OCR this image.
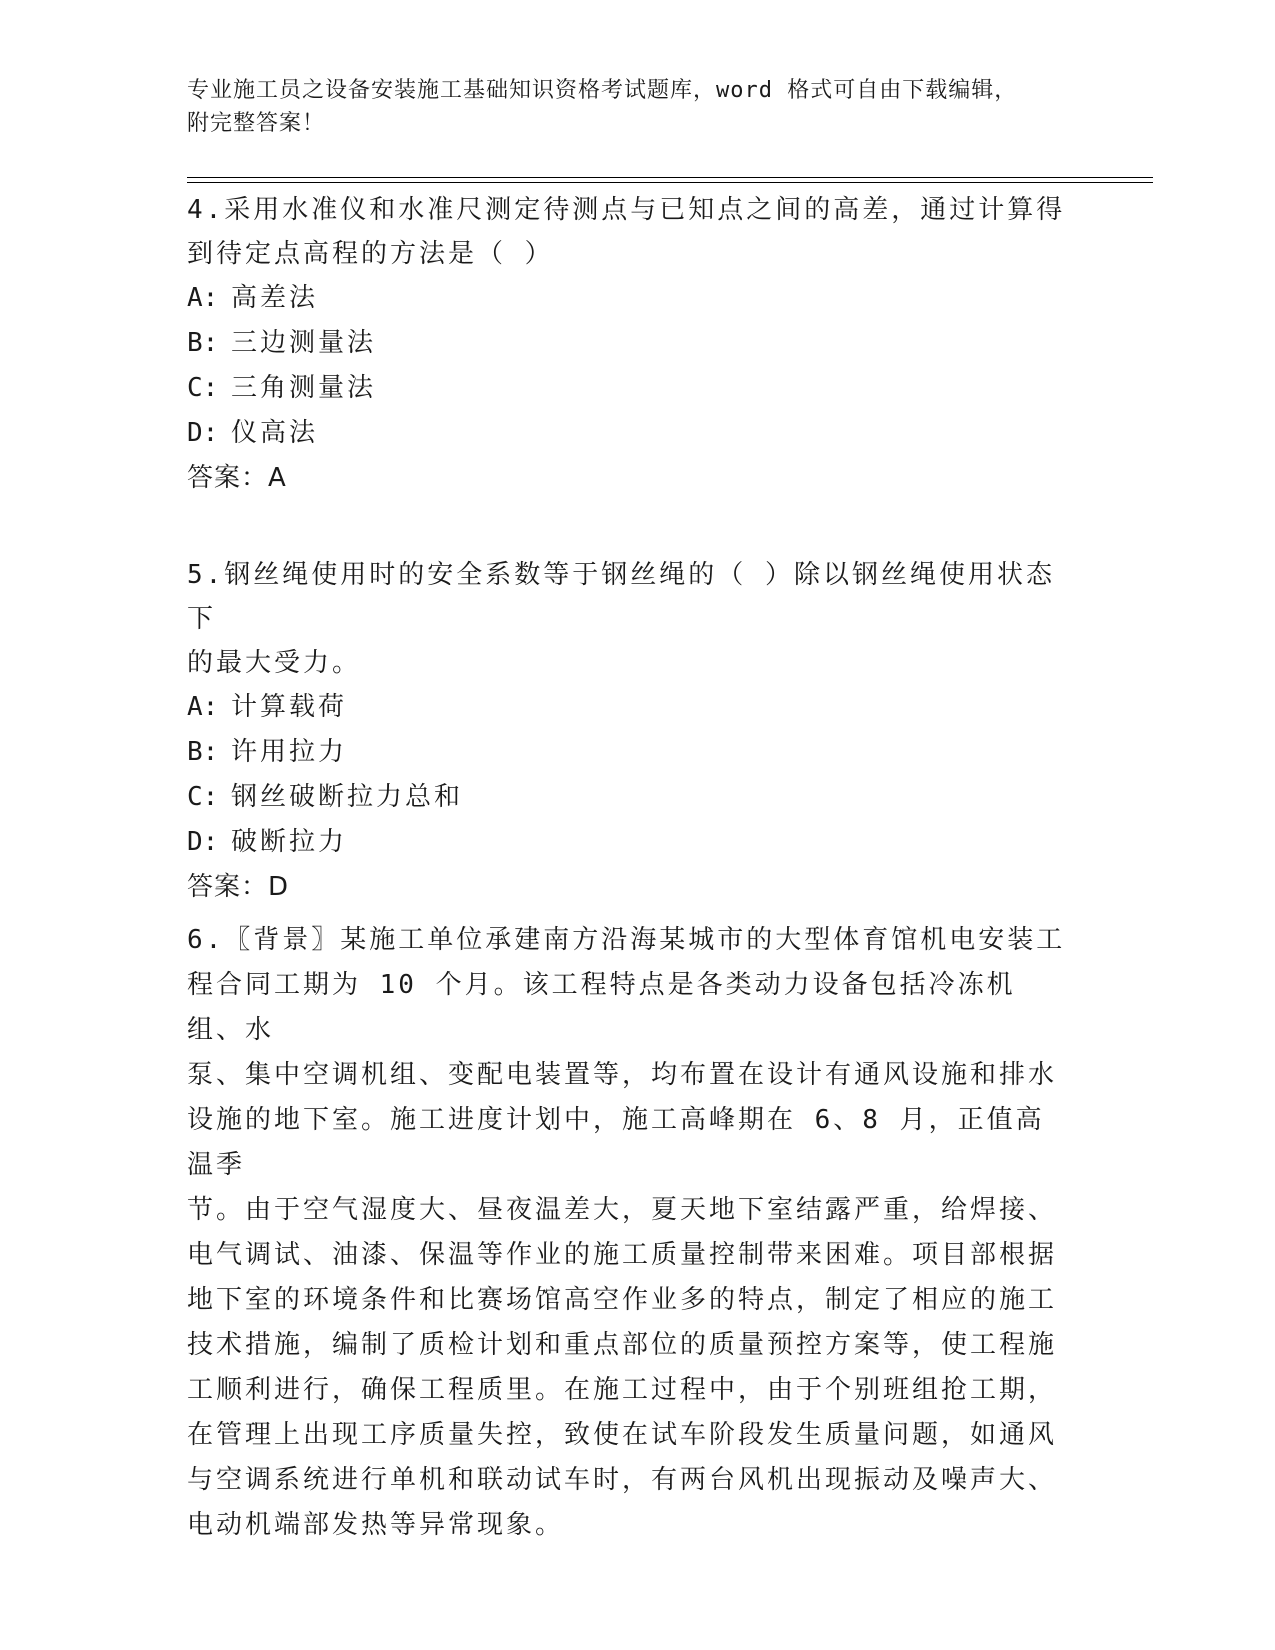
专业施工员之设备安装施工基础知识资格考试题库，word 格式可自由下载编辑，
附完整答案！

4.采用水准仪和水准尺测定待测点与已知点之间的高差，通过计算得
到待定点高程的方法是（ ）

A: 高差法

B: 三边测量法

C: 三角测量法

D: 仪高法

答案：A

5.钢丝绳使用时的安全系数等于钢丝绳的（ ）除以钢丝绳使用状态下
的最大受力。

A: 计算载荷

B: 许用拉力

C: 钢丝破断拉力总和

D: 破断拉力

答案：D

6.〖背景〗某施工单位承建南方沿海某城市的大型体育馆机电安装工
程合同工期为 10 个月。该工程特点是各类动力设备包括冷冻机组、水
泵、集中空调机组、变配电装置等，均布置在设计有通风设施和排水
设施的地下室。施工进度计划中，施工高峰期在 6、8 月，正值高温季
节。由于空气湿度大、昼夜温差大，夏天地下室结露严重，给焊接、
电气调试、油漆、保温等作业的施工质量控制带来困难。项目部根据
地下室的环境条件和比赛场馆高空作业多的特点，制定了相应的施工
技术措施，编制了质检计划和重点部位的质量预控方案等，使工程施
工顺利进行，确保工程质里。在施工过程中，由于个别班组抢工期，
在管理上出现工序质量失控，致使在试车阶段发生质量问题，如通风
与空调系统进行单机和联动试车时，有两台风机出现振动及噪声大、
电动机端部发热等异常现象。
